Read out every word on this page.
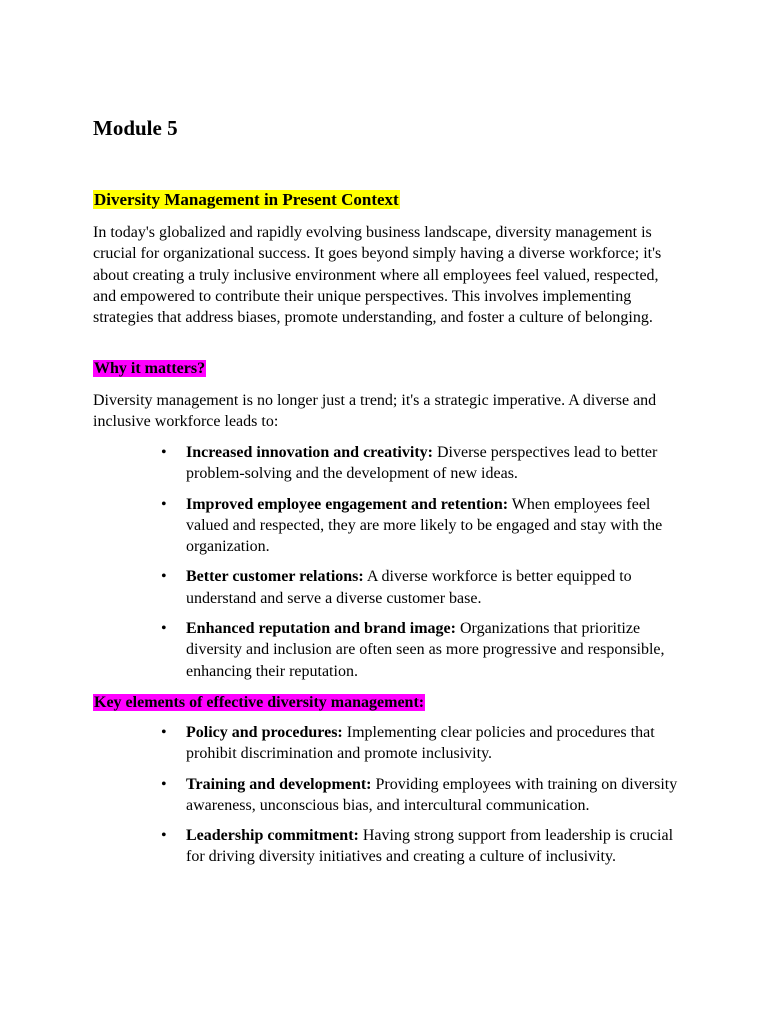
Module 5
Diversity Management in Present Context

In today's globalized and rapidly evolving business landscape, diversity management is crucial for organizational success. It goes beyond simply having a diverse workforce; it's about creating a truly inclusive environment where all employees feel valued, respected, and empowered to contribute their unique perspectives. This involves implementing strategies that address biases, promote understanding, and foster a culture of belonging.

Why it matters?

Diversity management is no longer just a trend; it's a strategic imperative. A diverse and inclusive workforce leads to:

• Increased innovation and creativity: Diverse perspectives lead to better problem-solving and the development of new ideas.
• Improved employee engagement and retention: When employees feel valued and respected, they are more likely to be engaged and stay with the organization.
• Better customer relations: A diverse workforce is better equipped to understand and serve a diverse customer base.
• Enhanced reputation and brand image: Organizations that prioritize diversity and inclusion are often seen as more progressive and responsible, enhancing their reputation.
Key elements of effective diversity management:
• Policy and procedures: Implementing clear policies and procedures that prohibit discrimination and promote inclusivity.
• Training and development: Providing employees with training on diversity awareness, unconscious bias, and intercultural communication.
• Leadership commitment: Having strong support from leadership is crucial for driving diversity initiatives and creating a culture of inclusivity.
